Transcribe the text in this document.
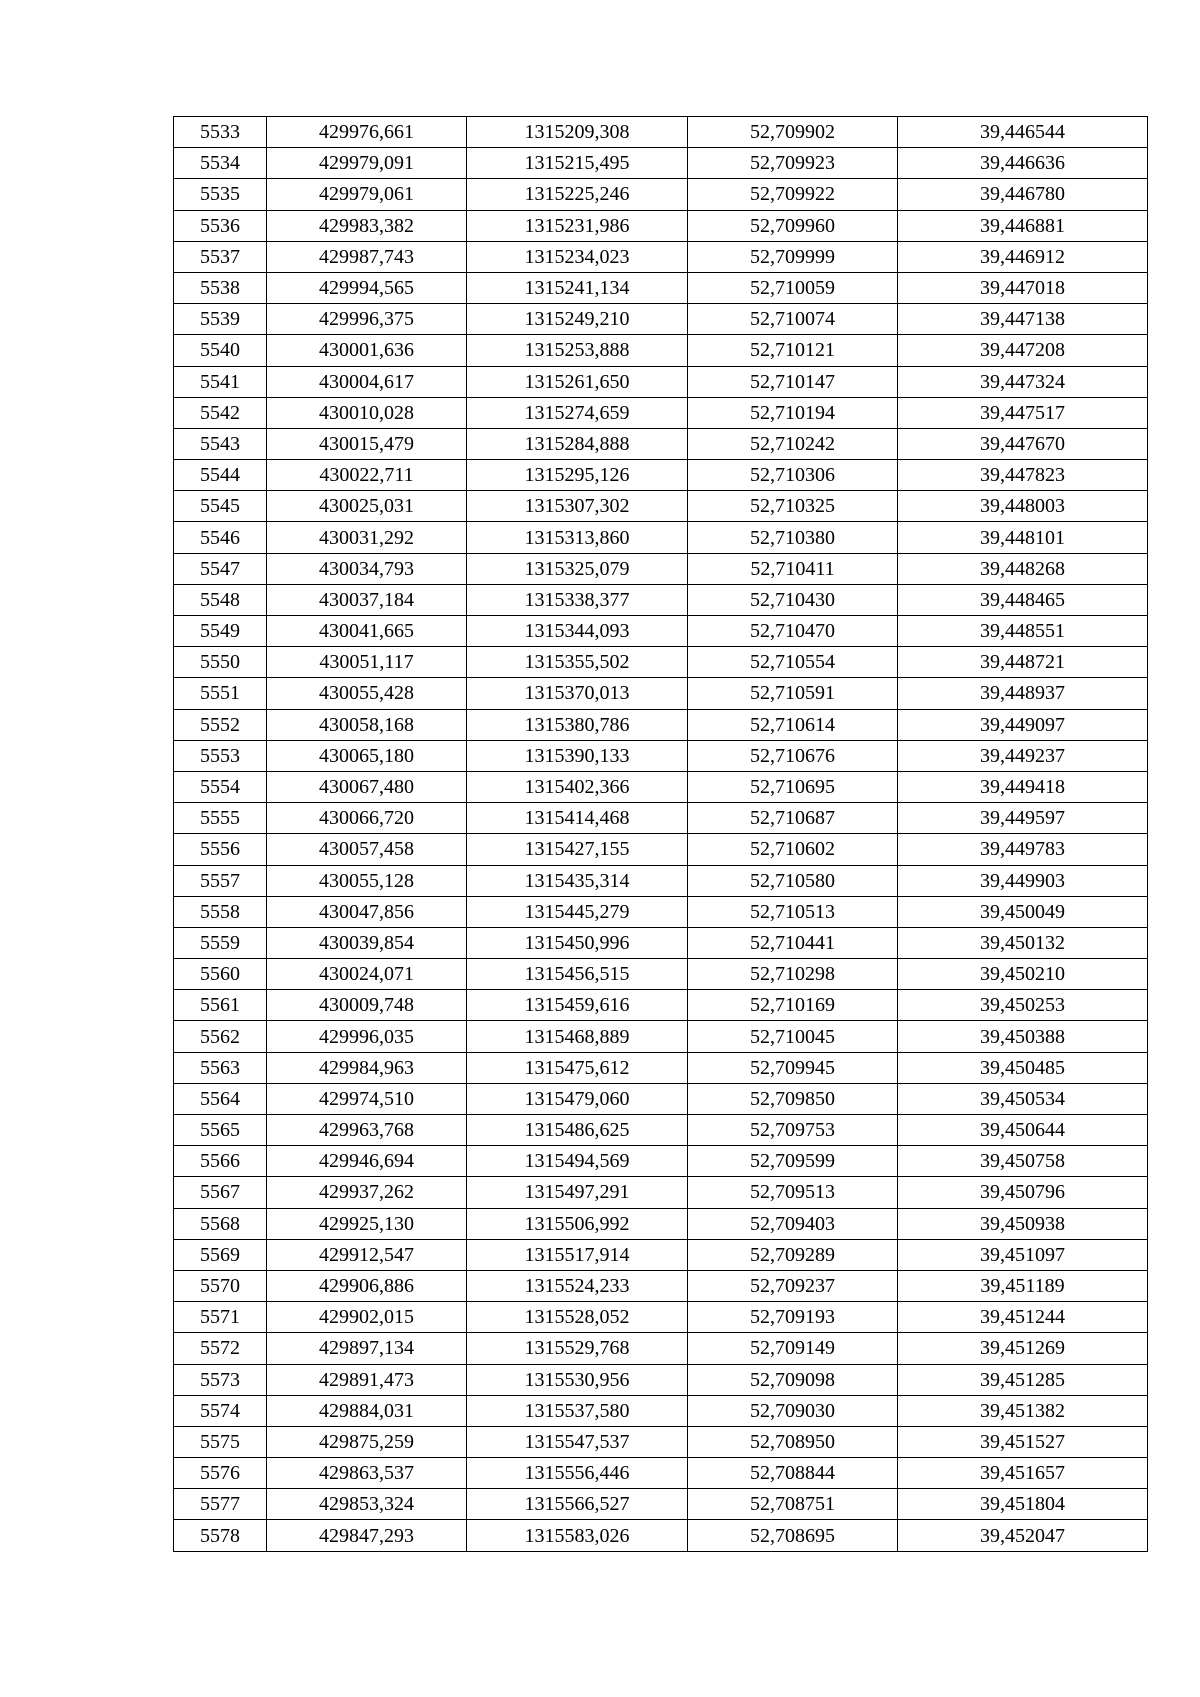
5533	429976,661	1315209,308	52,709902	39,446544
5534	429979,091	1315215,495	52,709923	39,446636
5535	429979,061	1315225,246	52,709922	39,446780
5536	429983,382	1315231,986	52,709960	39,446881
5537	429987,743	1315234,023	52,709999	39,446912
5538	429994,565	1315241,134	52,710059	39,447018
5539	429996,375	1315249,210	52,710074	39,447138
5540	430001,636	1315253,888	52,710121	39,447208
5541	430004,617	1315261,650	52,710147	39,447324
5542	430010,028	1315274,659	52,710194	39,447517
5543	430015,479	1315284,888	52,710242	39,447670
5544	430022,711	1315295,126	52,710306	39,447823
5545	430025,031	1315307,302	52,710325	39,448003
5546	430031,292	1315313,860	52,710380	39,448101
5547	430034,793	1315325,079	52,710411	39,448268
5548	430037,184	1315338,377	52,710430	39,448465
5549	430041,665	1315344,093	52,710470	39,448551
5550	430051,117	1315355,502	52,710554	39,448721
5551	430055,428	1315370,013	52,710591	39,448937
5552	430058,168	1315380,786	52,710614	39,449097
5553	430065,180	1315390,133	52,710676	39,449237
5554	430067,480	1315402,366	52,710695	39,449418
5555	430066,720	1315414,468	52,710687	39,449597
5556	430057,458	1315427,155	52,710602	39,449783
5557	430055,128	1315435,314	52,710580	39,449903
5558	430047,856	1315445,279	52,710513	39,450049
5559	430039,854	1315450,996	52,710441	39,450132
5560	430024,071	1315456,515	52,710298	39,450210
5561	430009,748	1315459,616	52,710169	39,450253
5562	429996,035	1315468,889	52,710045	39,450388
5563	429984,963	1315475,612	52,709945	39,450485
5564	429974,510	1315479,060	52,709850	39,450534
5565	429963,768	1315486,625	52,709753	39,450644
5566	429946,694	1315494,569	52,709599	39,450758
5567	429937,262	1315497,291	52,709513	39,450796
5568	429925,130	1315506,992	52,709403	39,450938
5569	429912,547	1315517,914	52,709289	39,451097
5570	429906,886	1315524,233	52,709237	39,451189
5571	429902,015	1315528,052	52,709193	39,451244
5572	429897,134	1315529,768	52,709149	39,451269
5573	429891,473	1315530,956	52,709098	39,451285
5574	429884,031	1315537,580	52,709030	39,451382
5575	429875,259	1315547,537	52,708950	39,451527
5576	429863,537	1315556,446	52,708844	39,451657
5577	429853,324	1315566,527	52,708751	39,451804
5578	429847,293	1315583,026	52,708695	39,452047
